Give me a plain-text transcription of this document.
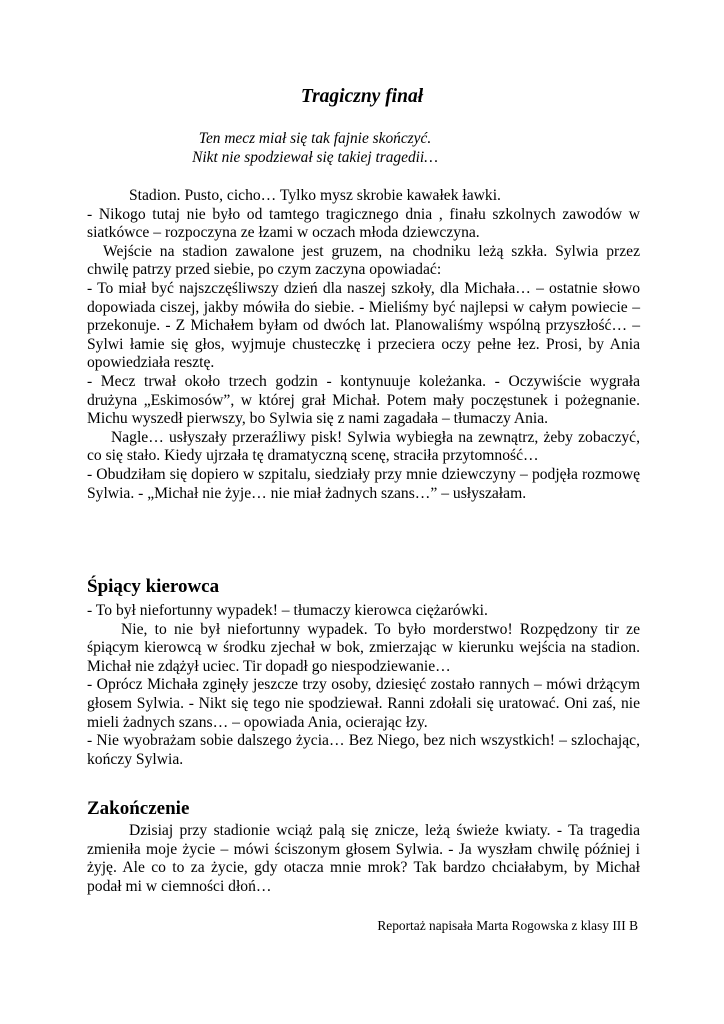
Tragiczny finał
Ten mecz miał się tak fajnie skończyć.
Nikt nie spodziewał się takiej tragedii…

Stadion. Pusto, cicho… Tylko mysz skrobie kawałek ławki.

- Nikogo tutaj nie było od tamtego tragicznego dnia , finału szkolnych zawodów w siatkówce – rozpoczyna ze łzami w oczach młoda dziewczyna.

Wejście na stadion zawalone jest gruzem, na chodniku leżą szkła. Sylwia przez chwilę patrzy przed siebie, po czym zaczyna opowiadać:

- To miał być najszczęśliwszy dzień dla naszej szkoły, dla Michała… – ostatnie słowo dopowiada ciszej, jakby mówiła do siebie. - Mieliśmy być najlepsi w całym powiecie – przekonuje. - Z Michałem byłam od dwóch lat. Planowaliśmy wspólną przyszłość… – Sylwi łamie się głos, wyjmuje chusteczkę i przeciera oczy pełne łez. Prosi, by Ania opowiedziała resztę.

- Mecz trwał około trzech godzin - kontynuuje koleżanka. - Oczywiście wygrała drużyna „Eskimosów”, w której grał Michał. Potem mały poczęstunek i pożegnanie. Michu wyszedł pierwszy, bo Sylwia się z nami zagadała – tłumaczy Ania.

Nagle… usłyszały przeraźliwy pisk! Sylwia wybiegła na zewnątrz, żeby zobaczyć, co się stało. Kiedy ujrzała tę dramatyczną scenę, straciła przytomność…

- Obudziłam się dopiero w szpitalu, siedziały przy mnie dziewczyny – podjęła rozmowę Sylwia. - „Michał nie żyje… nie miał żadnych szans…” – usłyszałam.

Śpiący kierowca

- To był niefortunny wypadek! – tłumaczy kierowca ciężarówki.

Nie, to nie był niefortunny wypadek. To było morderstwo! Rozpędzony tir ze śpiącym kierowcą w środku zjechał w bok, zmierzając w kierunku wejścia na stadion. Michał nie zdążył uciec. Tir dopadł go niespodziewanie…

- Oprócz Michała zginęły jeszcze trzy osoby, dziesięć zostało rannych – mówi drżącym głosem Sylwia. - Nikt się tego nie spodziewał. Ranni zdołali się uratować. Oni zaś, nie mieli żadnych szans… – opowiada Ania, ocierając łzy.

- Nie wyobrażam sobie dalszego życia… Bez Niego, bez nich wszystkich! – szlochając, kończy Sylwia.

Zakończenie

Dzisiaj przy stadionie wciąż palą się znicze, leżą świeże kwiaty. - Ta tragedia zmieniła moje życie – mówi ściszonym głosem Sylwia. - Ja wyszłam chwilę później i żyję. Ale co to za życie, gdy otacza mnie mrok? Tak bardzo chciałabym, by Michał podał mi w ciemności dłoń…

Reportaż napisała Marta Rogowska z klasy III B
